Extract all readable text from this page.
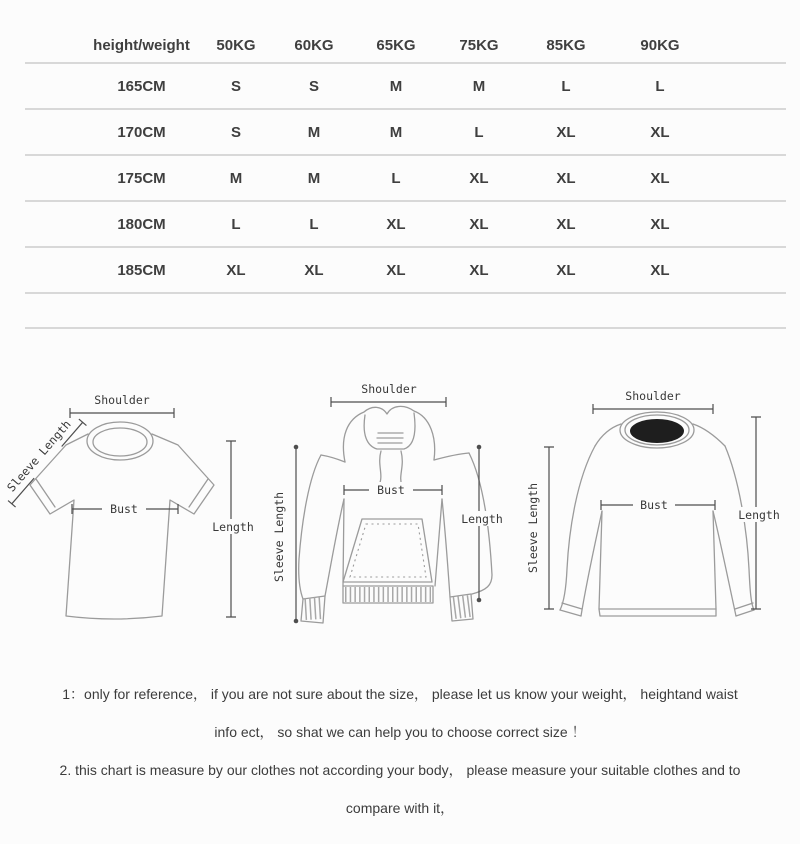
height/weight	50KG	60KG	65KG	75KG	85KG	90KG
165CM	S	S	M	M	L	L
170CM	S	M	M	L	XL	XL
175CM	M	M	L	XL	XL	XL
180CM	L	L	XL	XL	XL	XL
185CM	XL	XL	XL	XL	XL	XL
Shoulder
Sleeve Length
Bust
Length
Shoulder
Bust
Sleeve Length	Length
Shoulder
Bust
Sleeve Length	Length

1：only for reference， if you are not sure about the size， please let us know your weight， heightand waist

info ect， so shat we can help you to choose correct size ！

2. this chart is measure by our clothes not according your body， please measure your suitable clothes and to

compare with it，
